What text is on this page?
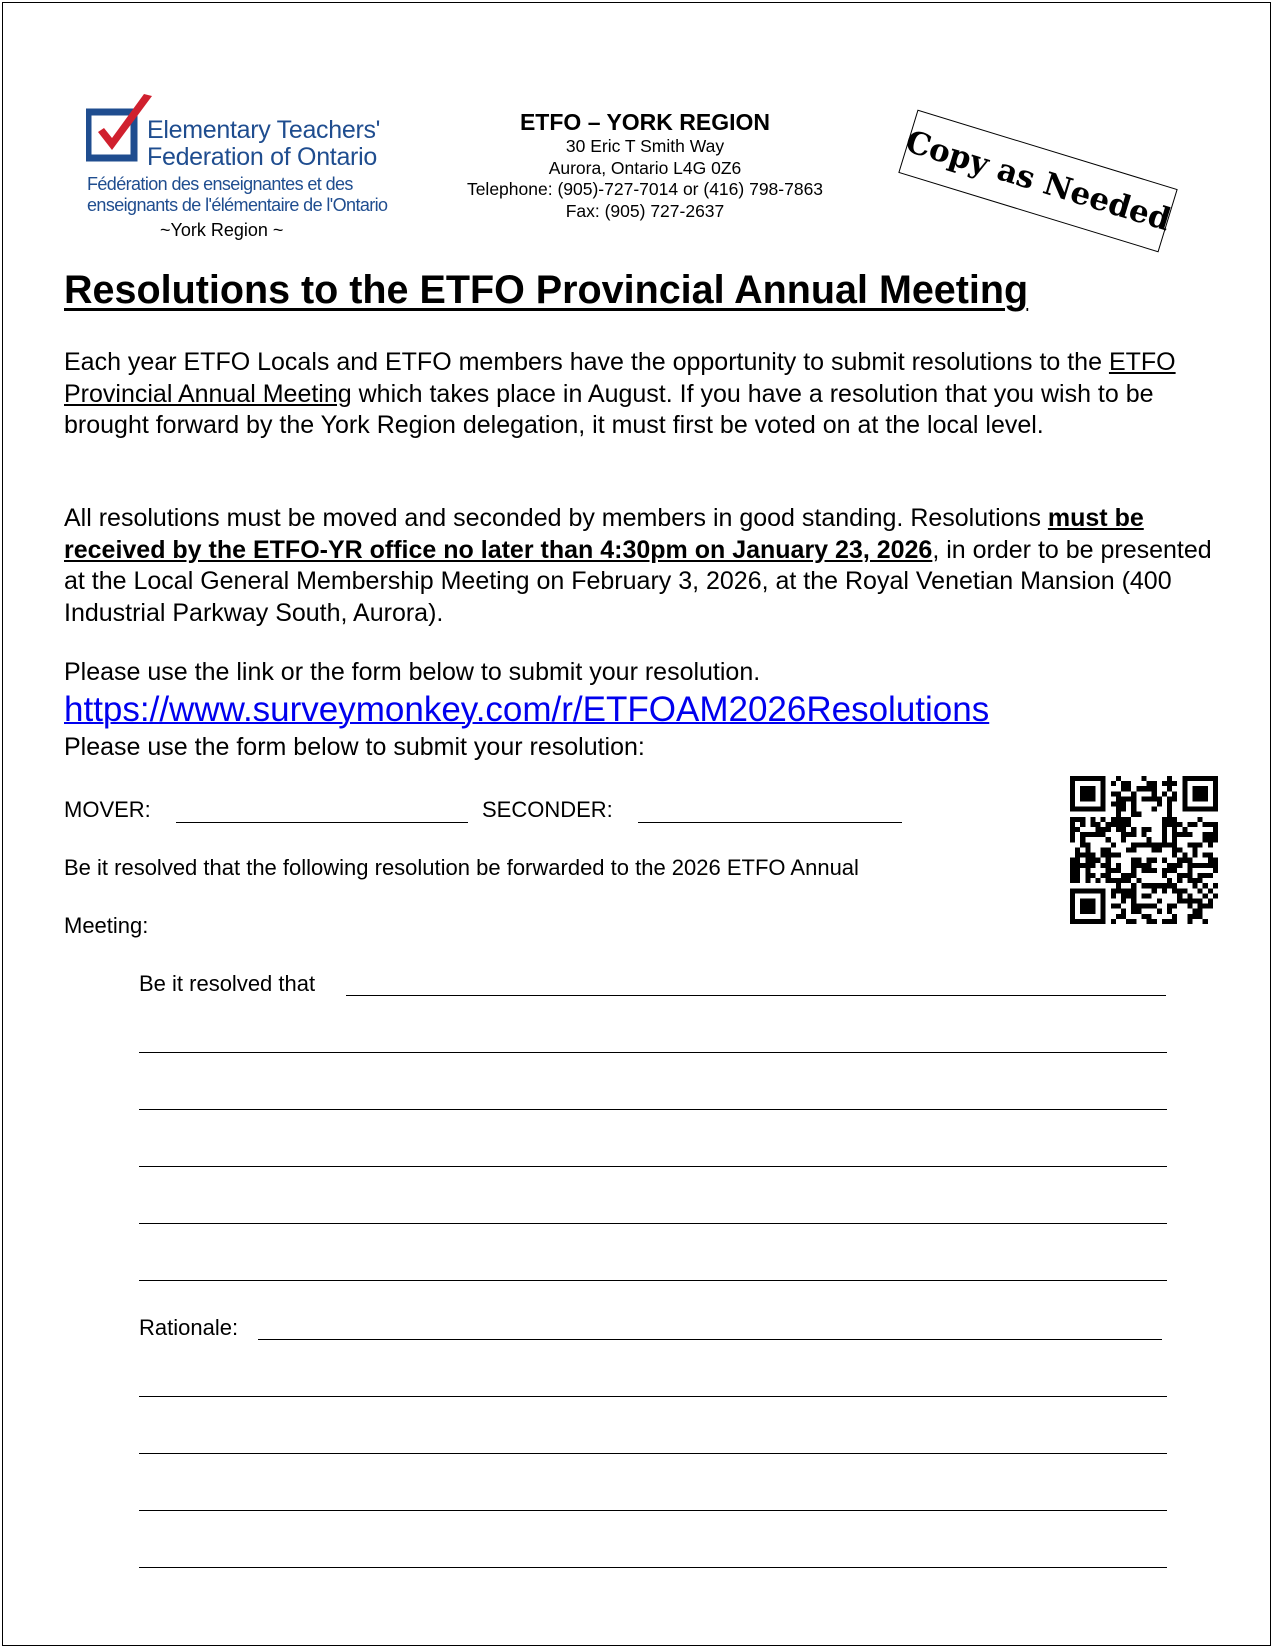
Elementary Teachers'
Federation of Ontario
Fédération des enseignantes et des
enseignants de l'élémentaire de l'Ontario
~York Region ~
ETFO – YORK REGION
30 Eric T Smith Way
Aurora, Ontario L4G 0Z6
Telephone: (905)-727-7014 or (416) 798-7863
Fax: (905) 727-2637	Copy as Needed
Resolutions to the ETFO Provincial Annual Meeting
Each year ETFO Locals and ETFO members have the opportunity to submit resolutions to the ETFO Provincial Annual Meeting which takes place in August. If you have a resolution that you wish to be brought forward by the York Region delegation, it must first be voted on at the local level.
All resolutions must be moved and seconded by members in good standing. Resolutions must be received by the ETFO-YR office no later than 4:30pm on January 23, 2026, in order to be presented at the Local General Membership Meeting on February 3, 2026, at the Royal Venetian Mansion (400 Industrial Parkway South, Aurora).
Please use the link or the form below to submit your resolution.
https://www.surveymonkey.com/r/ETFOAM2026Resolutions
Please use the form below to submit your resolution:
MOVER:	SECONDER:
Be it resolved that the following resolution be forwarded to the 2026 ETFO Annual
Meeting:
Be it resolved that
Rationale:
